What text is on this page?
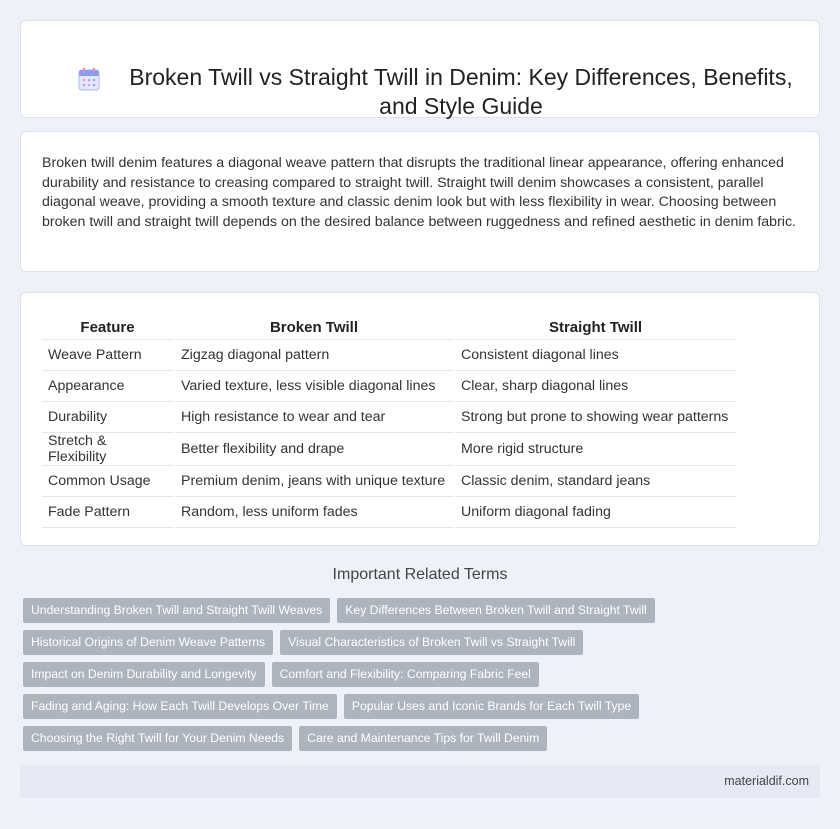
Broken Twill vs Straight Twill in Denim: Key Differences, Benefits, and Style Guide

Broken twill denim features a diagonal weave pattern that disrupts the traditional linear appearance, offering enhanced durability and resistance to creasing compared to straight twill. Straight twill denim showcases a consistent, parallel diagonal weave, providing a smooth texture and classic denim look but with less flexibility in wear. Choosing between broken twill and straight twill depends on the desired balance between ruggedness and refined aesthetic in denim fabric.

Feature	Broken Twill	Straight Twill
Weave Pattern	Zigzag diagonal pattern	Consistent diagonal lines
Appearance	Varied texture, less visible diagonal lines	Clear, sharp diagonal lines
Durability	High resistance to wear and tear	Strong but prone to showing wear patterns
Stretch & Flexibility	Better flexibility and drape	More rigid structure
Common Usage	Premium denim, jeans with unique texture	Classic denim, standard jeans
Fade Pattern	Random, less uniform fades	Uniform diagonal fading
Important Related Terms
Understanding Broken Twill and Straight Twill Weaves	Key Differences Between Broken Twill and Straight Twill
Historical Origins of Denim Weave Patterns	Visual Characteristics of Broken Twill vs Straight Twill
Impact on Denim Durability and Longevity	Comfort and Flexibility: Comparing Fabric Feel
Fading and Aging: How Each Twill Develops Over Time	Popular Uses and Iconic Brands for Each Twill Type
Choosing the Right Twill for Your Denim Needs	Care and Maintenance Tips for Twill Denim
materialdif.com
